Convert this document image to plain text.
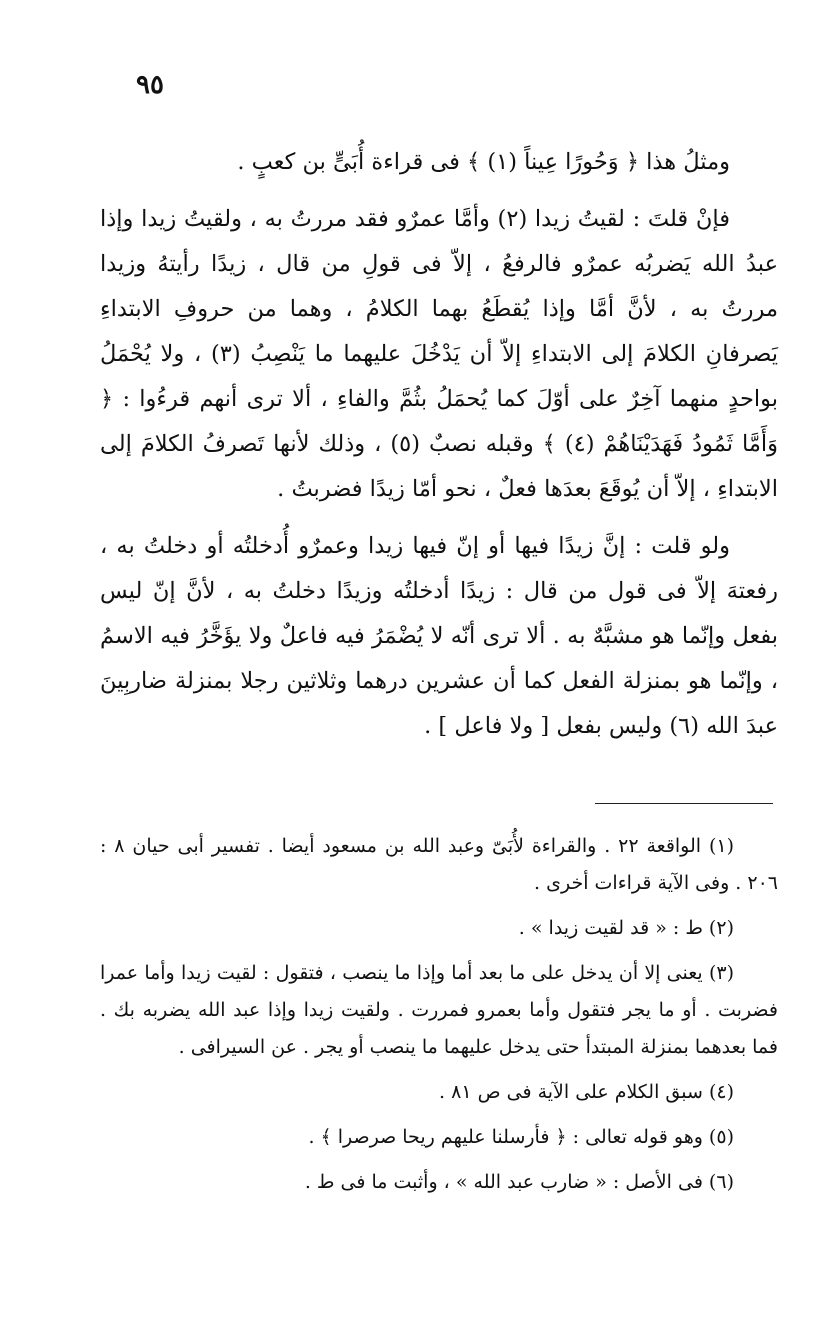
٩٥

ومثلُ هذا ﴿ وَحُورًا عِيناً (١) ﴾ فى قراءة أُبَىٍّ بن كعبٍ .

فإنْ قلتَ : لقيتُ زيدا (٢) وأمَّا عمرٌو فقد مررتُ به ، ولقيتُ زيدا وإذا عبدُ الله يَضربُه عمرٌو فالرفعُ ، إلاّ فى قولِ من قال ، زيدًا رأيتهُ وزيدا مررتُ به ، لأنَّ أمَّا وإذا يُقطَعُ بهما الكلامُ ، وهما من حروفِ الابتداءِ يَصرفانِ الكلامَ إلى الابتداءِ إلاّ أن يَدْخُلَ عليهما ما يَنْصِبُ (٣) ، ولا يُحْمَلُ بواحدٍ منهما آخِرٌ على أوّلَ كما يُحمَلُ بثُمَّ والفاءِ ، ألا ترى أنهم قرءُوا : ﴿ وَأَمَّا ثَمُودُ فَهَدَيْنَاهُمْ (٤) ﴾ وقبله نصبٌ (٥) ، وذلك لأنها تَصرفُ الكلامَ إلى الابتداءِ ، إلاّ أن يُوقَعَ بعدَها فعلٌ ، نحو أمّا زيدًا فضربتُ .

ولو قلت : إنَّ زيدًا فيها أو إنّ فيها زيدا وعمرٌو أُدخلتُه أو دخلتُ به ، رفعتهَ إلاّ فى قول من قال : زيدًا أدخلتُه وزيدًا دخلتُ به ، لأنَّ إنّ ليس بفعل وإنّما هو مشبَّهٌ به . ألا ترى أنّه لا يُضْمَرُ فيه فاعلٌ ولا يؤَخَّرُ فيه الاسمُ ، وإنّما هو بمنزلة الفعل كما أن عشرين درهما وثلاثين رجلا بمنزلة ضاربِينَ عبدَ الله (٦) وليس بفعل [ ولا فاعل ] .

(١) الواقعة ٢٢ . والقراءة لأُبَىّ وعبد الله بن مسعود أيضا . تفسير أبى حيان ٨ : ٢٠٦ . وفى الآية قراءات أخرى .

(٢) ط : « قد لقيت زيدا » .

(٣) يعنى إلا أن يدخل على ما بعد أما وإذا ما ينصب ، فتقول : لقيت زيدا وأما عمرا فضربت . أو ما يجر فتقول وأما بعمرو فمررت . ولقيت زيدا وإذا عبد الله يضربه بك . فما بعدهما بمنزلة المبتدأ حتى يدخل عليهما ما ينصب أو يجر . عن السيرافى .

(٤) سبق الكلام على الآية فى ص ٨١ .

(٥) وهو قوله تعالى : ﴿ فأرسلنا عليهم ريحا صرصرا ﴾ .

(٦) فى الأصل : « ضارب عبد الله » ، وأثبت ما فى ط .
